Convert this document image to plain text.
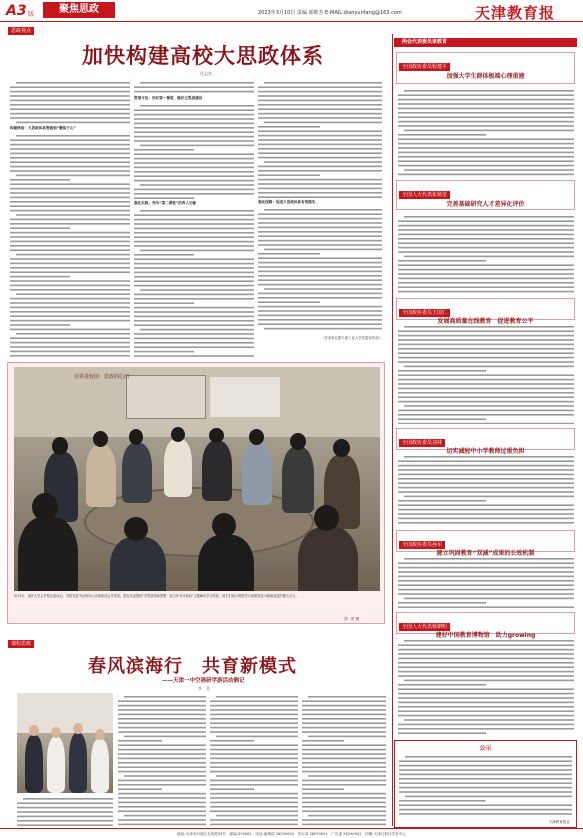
A3 版	聚焦思政	2023年3月10日 责编 邱维芳 E-MAIL:dianyunfang@163.com	天津教育报
思政视点
加快构建高校大思政体系
任志会
构建格局：大思政体系要做到“聚焦于心”
贯彻方法：用好第一课堂，做好主渠道建设
强化实践：突出“第二课堂”的育人功能	强化保障：促进大思政体系有效落实
（作者单位系天津工业大学党委宣传部）
宣讲进校园　思政润心田
3月3日，南开大学召开校友座谈会，学校党委书记杨庆山出席座谈会并讲话，校友代表围绕“学思践悟新思想　担当作为开新局”主题畅谈学习收获，师生们表示将把学习成果转化为砥砺奋进的强大动力。
刘　哲 摄
课程思政
春风滨海行　共育新模式
——天津一中空港研学游活动侧记
李　菲
两会代表委员谈教育
全国政协委员程建平
加强大学生群体极端心理重建
全国人大代表张杨堂
完善基础研究人才差异化评价
全国政协委员王国仁
发展高质量在线教育　促进教育公平
全国政协委员刘林
切实减轻中小学教师过重负担
全国政协委员孙军
建立巩固教育“双减”成果的长效机制
全国人大代表杨朝明
建好中国教育博物馆　助力growing
公示
天津教育报社
地址:天津市河西区友谊路35号　邮编:300061　电话:编辑部 28290000　发行部 28290001　广告部 28290002　印刷:天津日报社印务中心
